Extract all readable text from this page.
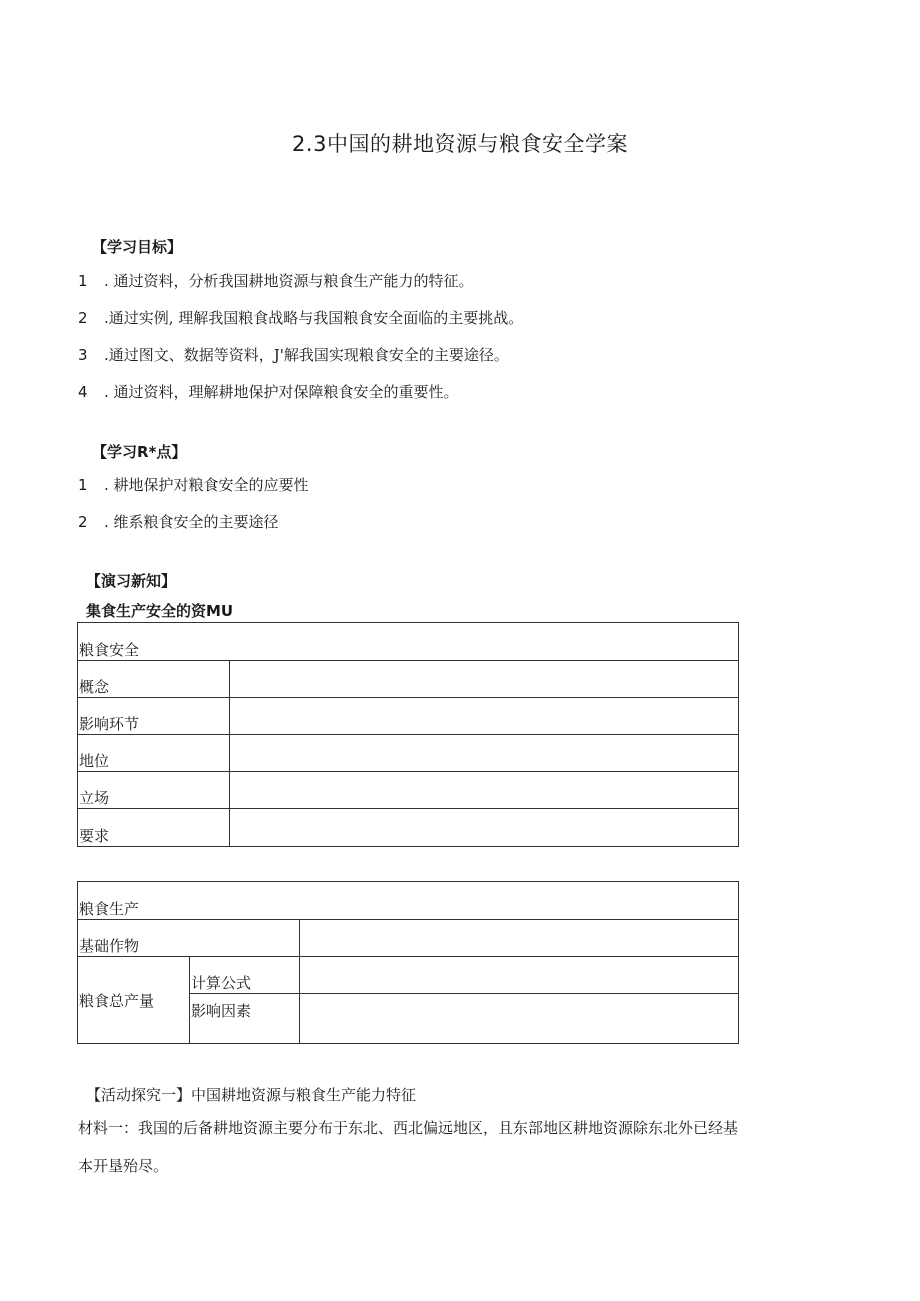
2.3中国的耕地资源与粮食安全学案
【学习目标】
1 . 通过资料，分析我国耕地资源与粮食生产能力的特征。
2 .通过实例, 理解我国粮食战略与我国粮食安全面临的主要挑战。
3 .通过图文、数据等资料，J'解我国实现粮食安全的主要途径。
4 . 通过资料，理解耕地保护对保障粮食安全的重要性。
【学习R*点】
1 . 耕地保护对粮食安全的应要性
2 . 维系粮食安全的主要途径
【演习新知】
集食生产安全的资MU
粮食安全	
概念	
影响环节	
地位	
立场	
要求	
粮食生产		
基础作物		
粮食总产量	计算公式	
	影响因素	
【活动探究一】中国耕地资源与粮食生产能力特征
材料一：我国的后备耕地资源主要分布于东北、西北偏远地区，且东部地区耕地资源除东北外已经基
本开垦殆尽。
